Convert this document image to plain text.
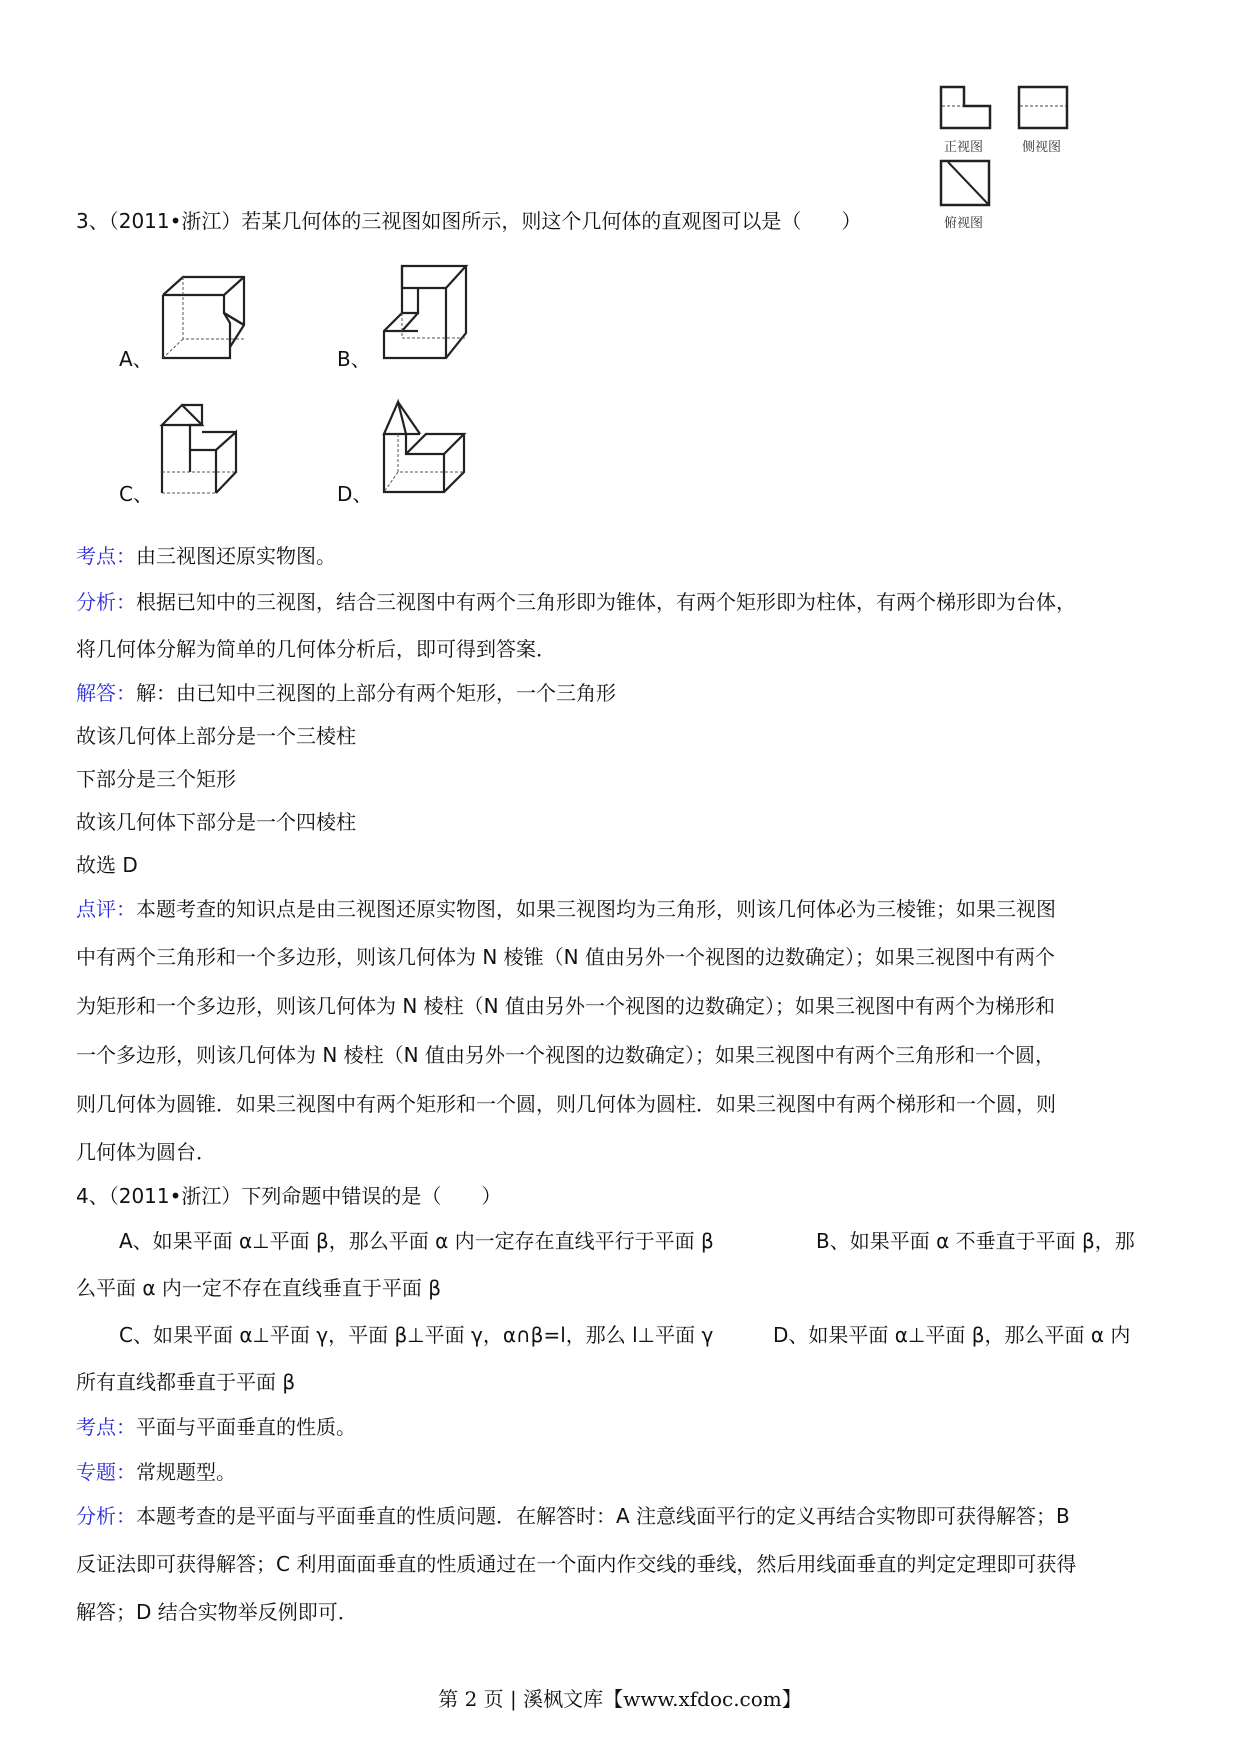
正视图	侧视图
俯视图
3、（2011•浙江）若某几何体的三视图如图所示，则这个几何体的直观图可以是（　　）
A、	B、
C、	D、
考点：由三视图还原实物图。
分析：根据已知中的三视图，结合三视图中有两个三角形即为锥体，有两个矩形即为柱体，有两个梯形即为台体，
将几何体分解为简单的几何体分析后，即可得到答案．
解答：解：由已知中三视图的上部分有两个矩形，一个三角形
故该几何体上部分是一个三棱柱
下部分是三个矩形
故该几何体下部分是一个四棱柱
故选 D
点评：本题考查的知识点是由三视图还原实物图，如果三视图均为三角形，则该几何体必为三棱锥；如果三视图
中有两个三角形和一个多边形，则该几何体为 N 棱锥（N 值由另外一个视图的边数确定）；如果三视图中有两个
为矩形和一个多边形，则该几何体为 N 棱柱（N 值由另外一个视图的边数确定）；如果三视图中有两个为梯形和
一个多边形，则该几何体为 N 棱柱（N 值由另外一个视图的边数确定）；如果三视图中有两个三角形和一个圆，
则几何体为圆锥．如果三视图中有两个矩形和一个圆，则几何体为圆柱．如果三视图中有两个梯形和一个圆，则
几何体为圆台．
4、（2011•浙江）下列命题中错误的是（　　）
A、如果平面 α⊥平面 β，那么平面 α 内一定存在直线平行于平面 β	B、如果平面 α 不垂直于平面 β，那
么平面 α 内一定不存在直线垂直于平面 β
C、如果平面 α⊥平面 γ，平面 β⊥平面 γ，α∩β=l，那么 l⊥平面 γ	D、如果平面 α⊥平面 β，那么平面 α 内
所有直线都垂直于平面 β
考点：平面与平面垂直的性质。
专题：常规题型。
分析：本题考查的是平面与平面垂直的性质问题．在解答时：A 注意线面平行的定义再结合实物即可获得解答；B
反证法即可获得解答；C 利用面面垂直的性质通过在一个面内作交线的垂线，然后用线面垂直的判定定理即可获得
解答；D 结合实物举反例即可．
第 2 页 | 溪枫文库【www.xfdoc.com】
